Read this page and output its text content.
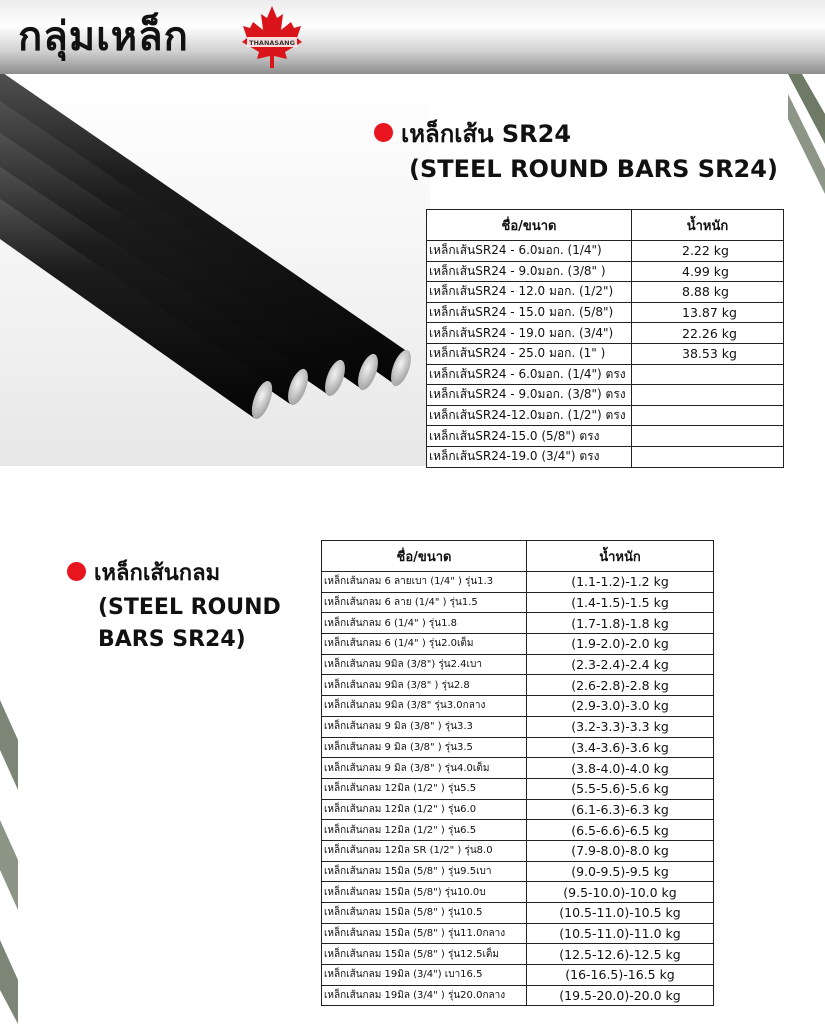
กลุ่มเหล็ก	THANASANG
เหล็กเส้น SR24
(STEEL ROUND BARS SR24)
ชื่อ/ขนาด	น้ำหนัก
เหล็กเส้นSR24 - 6.0มอก. (1/4")	2.22 kg
เหล็กเส้นSR24 - 9.0มอก. (3/8" )	4.99 kg
เหล็กเส้นSR24 - 12.0 มอก. (1/2")	8.88 kg
เหล็กเส้นSR24 - 15.0 มอก. (5/8")	13.87 kg
เหล็กเส้นSR24 - 19.0 มอก. (3/4")	22.26 kg
เหล็กเส้นSR24 - 25.0 มอก. (1" )	38.53 kg
เหล็กเส้นSR24 - 6.0มอก. (1/4") ตรง	
เหล็กเส้นSR24 - 9.0มอก. (3/8") ตรง	
เหล็กเส้นSR24-12.0มอก. (1/2") ตรง	
เหล็กเส้นSR24-15.0 (5/8") ตรง	
เหล็กเส้นSR24-19.0 (3/4") ตรง	
เหล็กเส้นกลม
(STEEL ROUND BARS SR24)
ชื่อ/ขนาด	น้ำหนัก
เหล็กเส้นกลม 6 ลายเบา (1/4" ) รุ่น1.3	(1.1-1.2)-1.2 kg
เหล็กเส้นกลม 6 ลาย (1/4" ) รุ่น1.5	(1.4-1.5)-1.5 kg
เหล็กเส้นกลม 6 (1/4" ) รุ่น1.8	(1.7-1.8)-1.8 kg
เหล็กเส้นกลม 6 (1/4" ) รุ่น2.0เต็ม	(1.9-2.0)-2.0 kg
เหล็กเส้นกลม 9มิล (3/8") รุ่น2.4เบา	(2.3-2.4)-2.4 kg
เหล็กเส้นกลม 9มิล (3/8" ) รุ่น2.8	(2.6-2.8)-2.8 kg
เหล็กเส้นกลม 9มิล (3/8" รุ่น3.0กลาง	(2.9-3.0)-3.0 kg
เหล็กเส้นกลม 9 มิล (3/8" ) รุ่น3.3	(3.2-3.3)-3.3 kg
เหล็กเส้นกลม 9 มิล (3/8" ) รุ่น3.5	(3.4-3.6)-3.6 kg
เหล็กเส้นกลม 9 มิล (3/8" ) รุ่น4.0เต็ม	(3.8-4.0)-4.0 kg
เหล็กเส้นกลม 12มิล (1/2" ) รุ่น5.5	(5.5-5.6)-5.6 kg
เหล็กเส้นกลม 12มิล (1/2" ) รุ่น6.0	(6.1-6.3)-6.3 kg
เหล็กเส้นกลม 12มิล (1/2" ) รุ่น6.5	(6.5-6.6)-6.5 kg
เหล็กเส้นกลม 12มิล SR (1/2" ) รุ่น8.0	(7.9-8.0)-8.0 kg
เหล็กเส้นกลม 15มิล (5/8" ) รุ่น9.5เบา	(9.0-9.5)-9.5 kg
เหล็กเส้นกลม 15มิล (5/8") รุ่น10.0บ	(9.5-10.0)-10.0 kg
เหล็กเส้นกลม 15มิล (5/8" ) รุ่น10.5	(10.5-11.0)-10.5 kg
เหล็กเส้นกลม 15มิล (5/8" ) รุ่น11.0กลาง	(10.5-11.0)-11.0 kg
เหล็กเส้นกลม 15มิล (5/8" ) รุ่น12.5เต็ม	(12.5-12.6)-12.5 kg
เหล็กเส้นกลม 19มิล (3/4") เบา16.5	(16-16.5)-16.5 kg
เหล็กเส้นกลม 19มิล (3/4" ) รุ่น20.0กลาง	(19.5-20.0)-20.0 kg
